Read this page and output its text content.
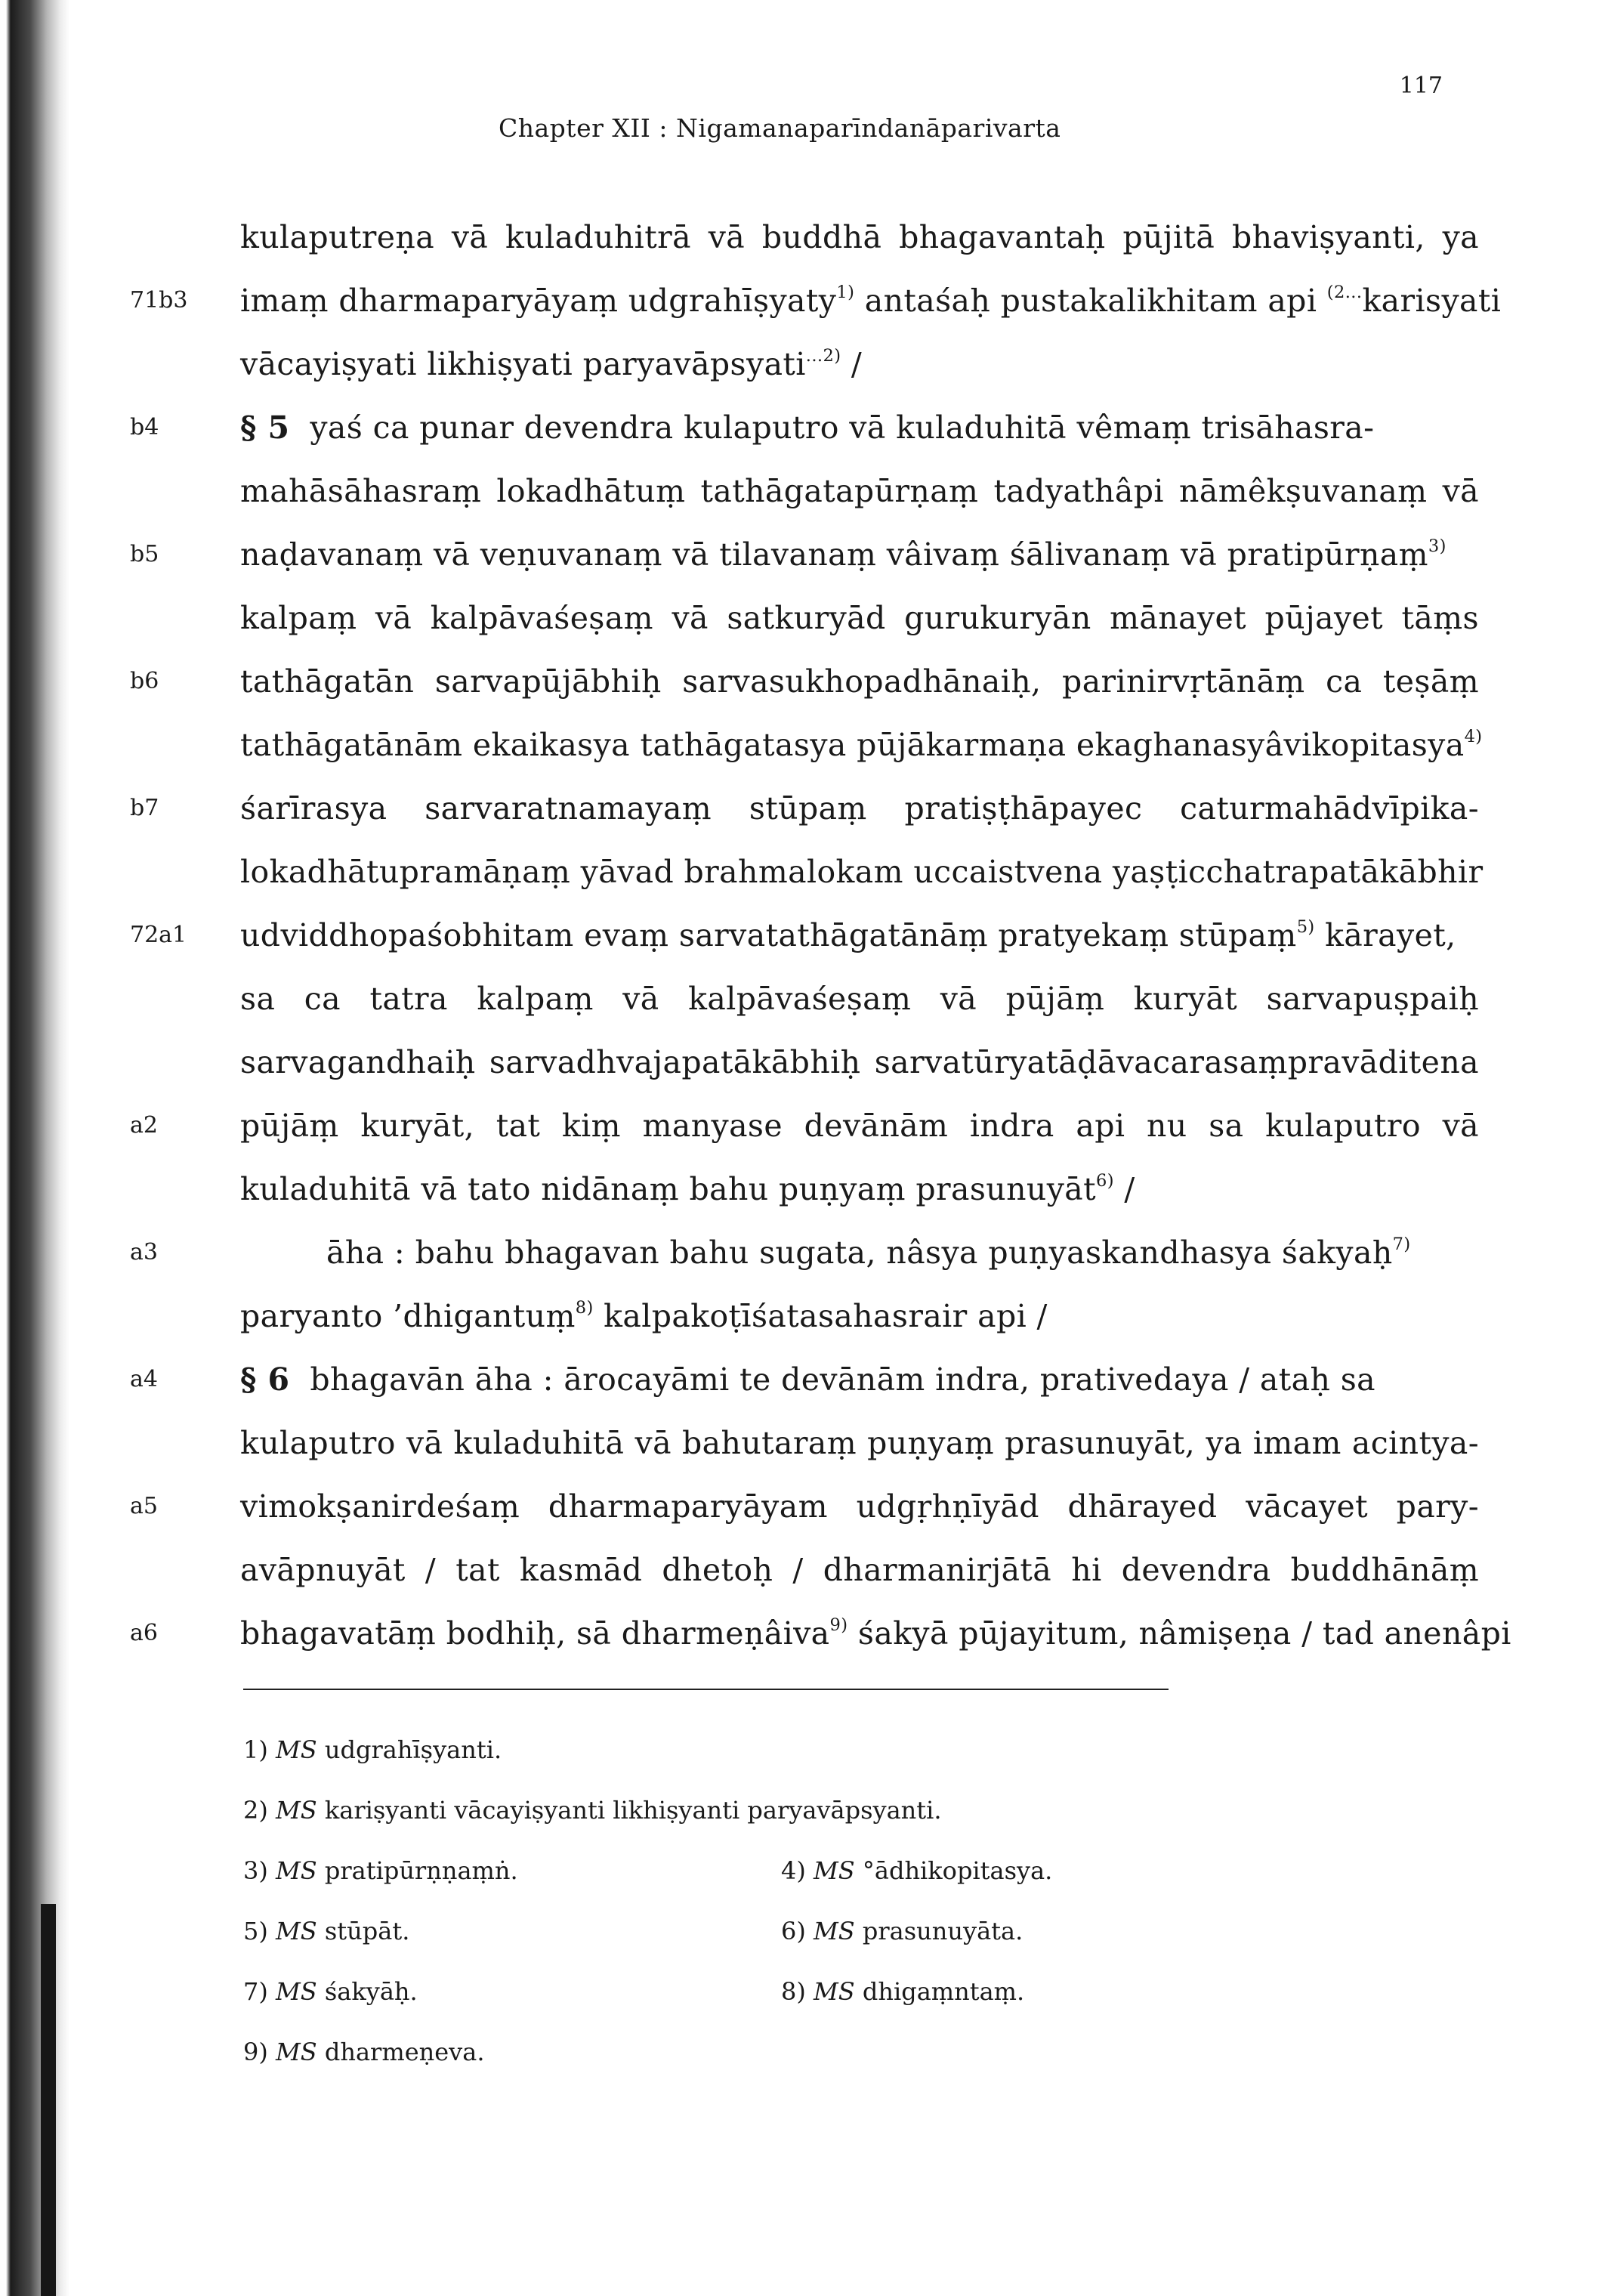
117
Chapter XII : Nigamanaparīndanāparivarta
71b3
b4
b5
b6
b7
72a1
a2
a3
a4
a5
a6
kulaputreṇa vā kuladuhitrā vā buddhā bhagavantaḥ pūjitā bhaviṣyanti, ya
imaṃ dharmaparyāyaṃ udgrahīṣyaty$^{1)}$ antaśaḥ pustakalikhitam api $^{(2...}$karisyati
vācayiṣyati likhiṣyati paryavāpsyati$^{...2)}$ /
§ 5 yaś ca punar devendra kulaputro vā kuladuhitā vêmaṃ trisāhasra-
mahāsāhasraṃ lokadhātuṃ tathāgatapūrṇaṃ tadyathâpi nāmêkṣuvanaṃ vā
naḍavanaṃ vā veṇuvanaṃ vā tilavanaṃ vâivaṃ śālivanaṃ vā pratipūrṇaṃ$^{3)}$
kalpaṃ vā kalpāvaśeṣaṃ vā satkuryād gurukuryān mānayet pūjayet tāṃs
tathāgatān sarvapūjābhiḥ sarvasukhopadhānaiḥ, parinirvṛtānāṃ ca teṣāṃ
tathāgatānām ekaikasya tathāgatasya pūjākarmaṇa ekaghanasyâvikopitasya$^{4)}$
śarīrasya sarvaratnamayaṃ stūpaṃ pratiṣṭhāpayec caturmahādvīpika-
lokadhātupramāṇaṃ yāvad brahmalokam uccaistvena yaṣṭicchatrapatākābhir
udviddhopaśobhitam evaṃ sarvatathāgatānāṃ pratyekaṃ stūpaṃ$^{5)}$ kārayet,
sa ca tatra kalpaṃ vā kalpāvaśeṣaṃ vā pūjāṃ kuryāt sarvapuṣpaiḥ
sarvagandhaiḥ sarvadhvajapatākābhiḥ sarvatūryatāḍāvacarasaṃpravāditena
pūjāṃ kuryāt, tat kiṃ manyase devānām indra api nu sa kulaputro vā
kuladuhitā vā tato nidānaṃ bahu puṇyaṃ prasunuyāt$^{6)}$ /
āha : bahu bhagavan bahu sugata, nâsya puṇyaskandhasya śakyaḥ$^{7)}$
paryanto ’dhigantuṃ$^{8)}$ kalpakoṭīśatasahasrair api /
§ 6 bhagavān āha : ārocayāmi te devānām indra, prativedaya / ataḥ sa
kulaputro vā kuladuhitā vā bahutaraṃ puṇyaṃ prasunuyāt, ya imam acintya-
vimokṣanirdeśaṃ dharmaparyāyam udgṛhṇīyād dhārayed vācayet pary-
avāpnuyāt / tat kasmād dhetoḥ / dharmanirjātā hi devendra buddhānāṃ
bhagavatāṃ bodhiḥ, sā dharmeṇâiva$^{9)}$ śakyā pūjayitum, nâmiṣeṇa / tad anenâpi
1) MS udgrahīṣyanti.
2) MS kariṣyanti vācayiṣyanti likhiṣyanti paryavāpsyanti.
3) MS pratipūrṇṇaṃṅ.	4) MS °ādhikopitasya.
5) MS stūpāt.	6) MS prasunuyāta.
7) MS śakyāḥ.	8) MS dhigaṃntaṃ.
9) MS dharmeṇeva.
